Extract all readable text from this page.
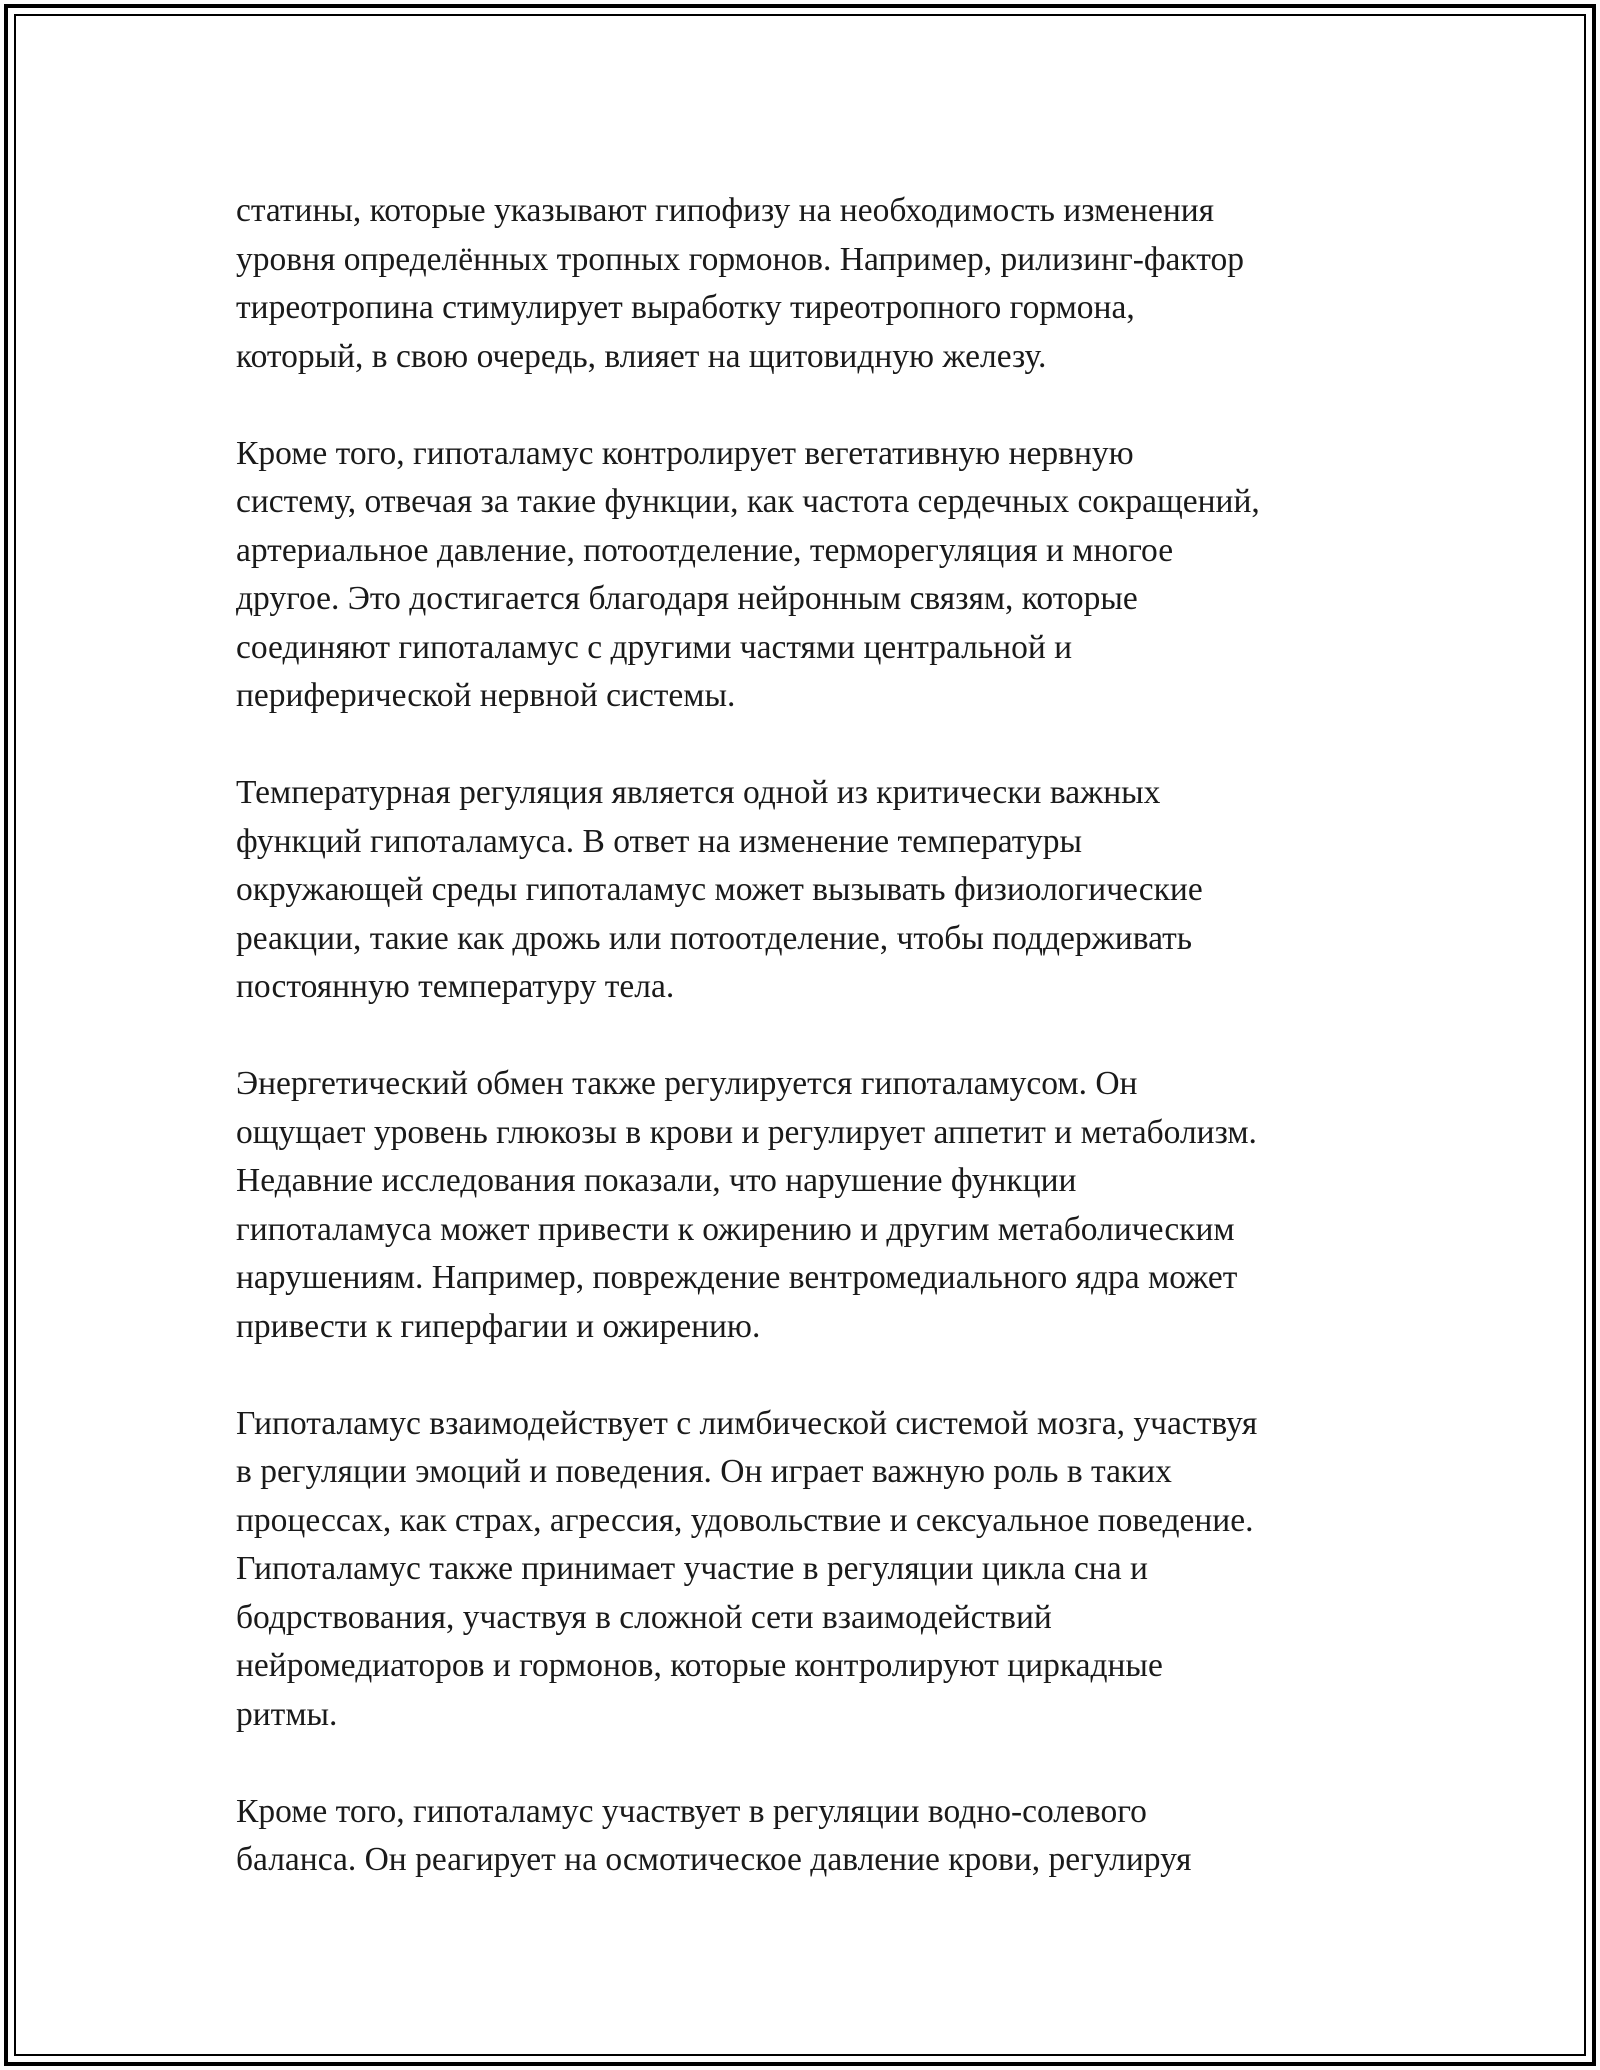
статины, которые указывают гипофизу на необходимость изменения
уровня определённых тропных гормонов. Например, рилизинг-фактор
тиреотропина стимулирует выработку тиреотропного гормона,
который, в свою очередь, влияет на щитовидную железу.

Кроме того, гипоталамус контролирует вегетативную нервную
систему, отвечая за такие функции, как частота сердечных сокращений,
артериальное давление, потоотделение, терморегуляция и многое
другое. Это достигается благодаря нейронным связям, которые
соединяют гипоталамус с другими частями центральной и
периферической нервной системы.

Температурная регуляция является одной из критически важных
функций гипоталамуса. В ответ на изменение температуры
окружающей среды гипоталамус может вызывать физиологические
реакции, такие как дрожь или потоотделение, чтобы поддерживать
постоянную температуру тела.

Энергетический обмен также регулируется гипоталамусом. Он
ощущает уровень глюкозы в крови и регулирует аппетит и метаболизм.
Недавние исследования показали, что нарушение функции
гипоталамуса может привести к ожирению и другим метаболическим
нарушениям. Например, повреждение вентромедиального ядра может
привести к гиперфагии и ожирению.

Гипоталамус взаимодействует с лимбической системой мозга, участвуя
в регуляции эмоций и поведения. Он играет важную роль в таких
процессах, как страх, агрессия, удовольствие и сексуальное поведение.
Гипоталамус также принимает участие в регуляции цикла сна и
бодрствования, участвуя в сложной сети взаимодействий
нейромедиаторов и гормонов, которые контролируют циркадные
ритмы.

Кроме того, гипоталамус участвует в регуляции водно-солевого
баланса. Он реагирует на осмотическое давление крови, регулируя
